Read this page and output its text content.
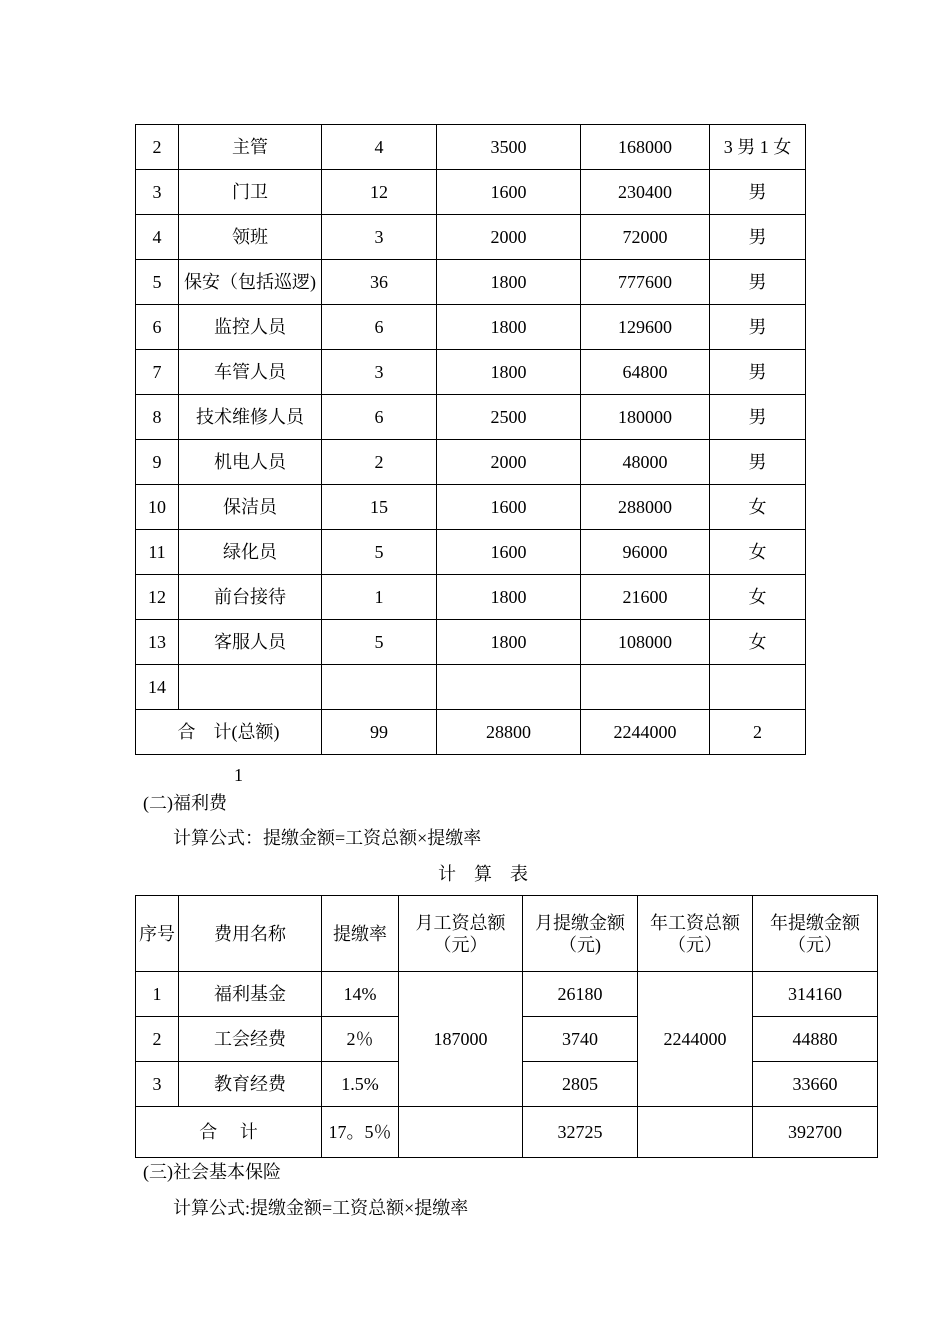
2	主管	4	3500	168000	3 男 1 女
3	门卫	12	1600	230400	男
4	领班	3	2000	72000	男
5	保安（包括巡逻)	36	1800	777600	男
6	监控人员	6	1800	129600	男
7	车管人员	3	1800	64800	男
8	技术维修人员	6	2500	180000	男
9	机电人员	2	2000	48000	男
10	保洁员	15	1600	288000	女
11	绿化员	5	1600	96000	女
12	前台接待	1	1800	21600	女
13	客服人员	5	1800	108000	女
14					
合　计(总额)		99	28800	2244000	2
1
(二)福利费
计算公式：提缴金额=工资总额×提缴率
计　算　表
序号	费用名称	提缴率	月工资总额（元）	月提缴金额（元)	年工资总额（元）	年提缴金额（元）
1	福利基金	14%	187000	26180	2244000	314160
2	工会经费	2％		3740		44880
3	教育经费	1.5%		2805		33660
合　 计		17。5％		32725		392700
(三)社会基本保险
计算公式:提缴金额=工资总额×提缴率
